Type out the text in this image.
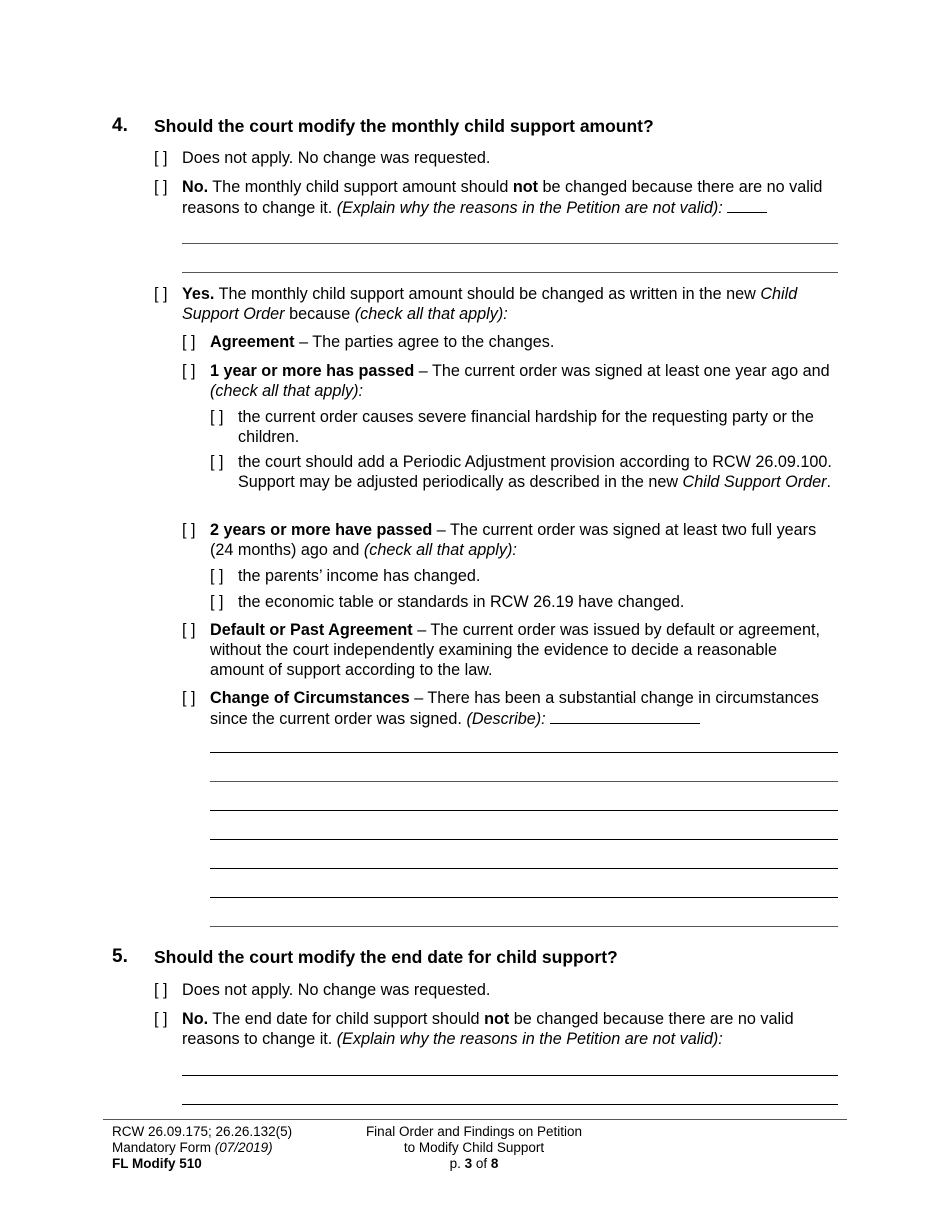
4. Should the court modify the monthly child support amount?
[ ] Does not apply. No change was requested.
[ ] No. The monthly child support amount should not be changed because there are no valid reasons to change it. (Explain why the reasons in the Petition are not valid):
[ ] Yes. The monthly child support amount should be changed as written in the new Child Support Order because (check all that apply):
[ ] Agreement – The parties agree to the changes.
[ ] 1 year or more has passed – The current order was signed at least one year ago and (check all that apply):
[ ] the current order causes severe financial hardship for the requesting party or the children.
[ ] the court should add a Periodic Adjustment provision according to RCW 26.09.100. Support may be adjusted periodically as described in the new Child Support Order.
[ ] 2 years or more have passed – The current order was signed at least two full years (24 months) ago and (check all that apply):
[ ] the parents’ income has changed.
[ ] the economic table or standards in RCW 26.19 have changed.
[ ] Default or Past Agreement – The current order was issued by default or agreement, without the court independently examining the evidence to decide a reasonable amount of support according to the law.
[ ] Change of Circumstances – There has been a substantial change in circumstances since the current order was signed. (Describe):
5. Should the court modify the end date for child support?
[ ] Does not apply. No change was requested.
[ ] No. The end date for child support should not be changed because there are no valid reasons to change it. (Explain why the reasons in the Petition are not valid):
RCW 26.09.175; 26.26.132(5)
Mandatory Form (07/2019)
FL Modify 510
Final Order and Findings on Petition
to Modify Child Support
p. 3 of 8
